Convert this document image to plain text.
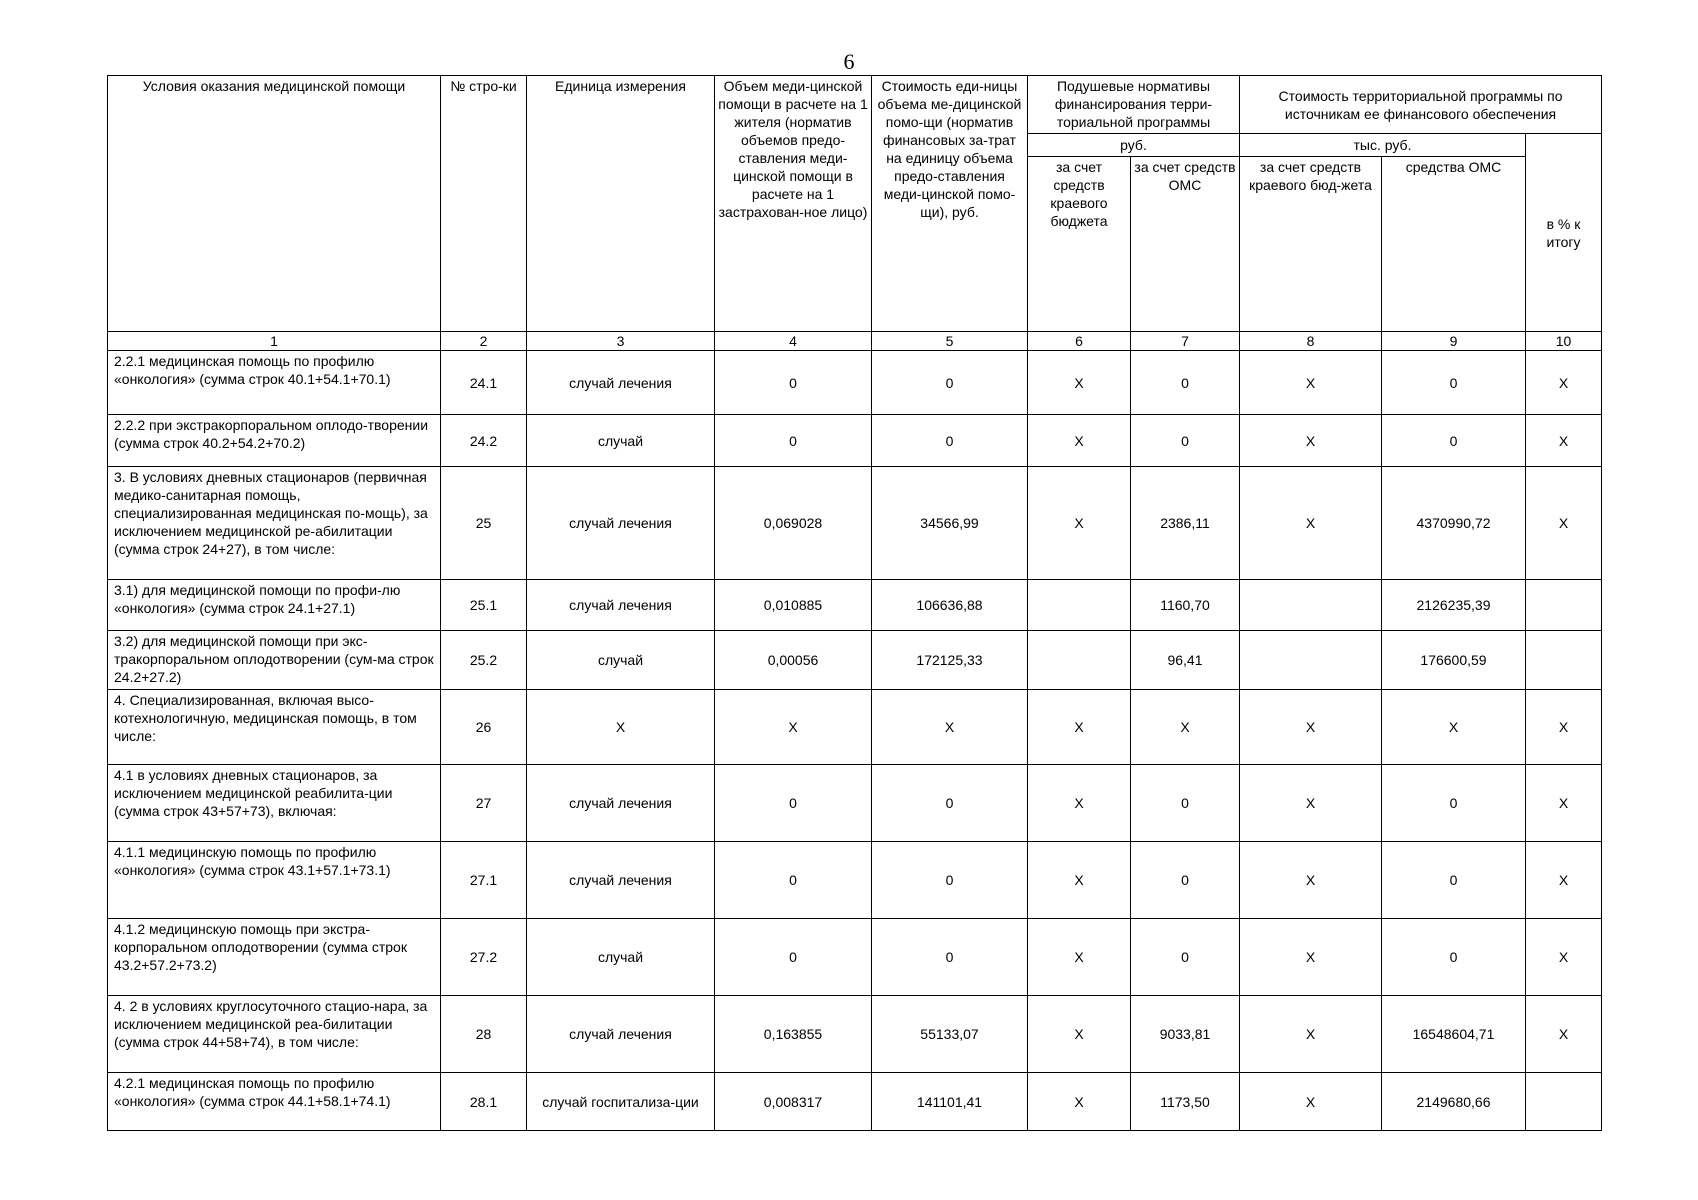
6
Условия оказания медицинской помощи	№ стро-ки	Единица измерения	Объем меди-цинской помощи в расчете на 1 жителя (норматив объемов предо-ставления меди-цинской помощи в расчете на 1 застрахован-ное лицо)	Стоимость еди-ницы объема ме-дицинской помо-щи (норматив финансовых за-трат на единицу объема предо-ставления меди-цинской помо-щи), руб.	Подушевые нормативы финансирования терри-ториальной программы		Стоимость территориальной программы по источникам ее финансового обеспечения		
					руб.		тыс. руб.		в % к итогу
					за счет средств краевого бюджета	за счет средств ОМС	за счет средств краевого бюд-жета	средства ОМС	
1	2	3	4	5	6	7	8	9	10
2.2.1 медицинская помощь по профилю «онкология» (сумма строк 40.1+54.1+70.1)	24.1	случай лечения	0	0	X	0	X	0	X
2.2.2 при экстракорпоральном оплодо-творении (сумма строк 40.2+54.2+70.2)	24.2	случай	0	0	X	0	X	0	X
3. В условиях дневных стационаров (первичная медико-санитарная помощь, специализированная медицинская по-мощь), за исключением медицинской ре-абилитации (сумма строк 24+27), в том числе:	25	случай лечения	0,069028	34566,99	X	2386,11	X	4370990,72	X
3.1) для медицинской помощи по профи-лю «онкология» (сумма строк 24.1+27.1)	25.1	случай лечения	0,010885	106636,88		1160,70		2126235,39	
3.2) для медицинской помощи при экс-тракорпоральном оплодотворении (сум-ма строк 24.2+27.2)	25.2	случай	0,00056	172125,33		96,41		176600,59	
4. Специализированная, включая высо-котехнологичную, медицинская помощь, в том числе:	26	X	X	X	X	X	X	X	X
4.1 в условиях дневных стационаров, за исключением медицинской реабилита-ции (сумма строк 43+57+73), включая:	27	случай лечения	0	0	X	0	X	0	X
4.1.1 медицинскую помощь по профилю «онкология» (сумма строк 43.1+57.1+73.1)	27.1	случай лечения	0	0	X	0	X	0	X
4.1.2 медицинскую помощь при экстра-корпоральном оплодотворении (сумма строк 43.2+57.2+73.2)	27.2	случай	0	0	X	0	X	0	X
4. 2 в условиях круглосуточного стацио-нара, за исключением медицинской реа-билитации (сумма строк 44+58+74), в том числе:	28	случай лечения	0,163855	55133,07	X	9033,81	X	16548604,71	X
4.2.1 медицинская помощь по профилю «онкология» (сумма строк 44.1+58.1+74.1)	28.1	случай госпитализа-ции	0,008317	141101,41	X	1173,50	X	2149680,66	
